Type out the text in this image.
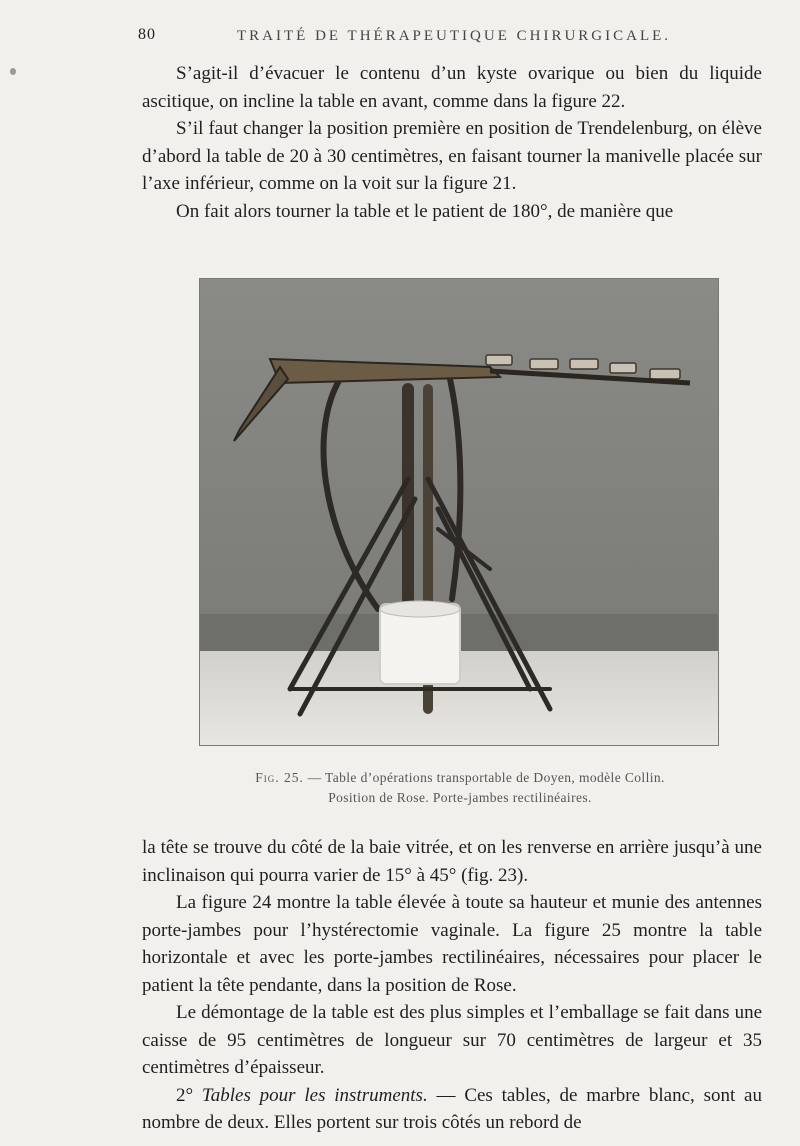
80	TRAITÉ DE THÉRAPEUTIQUE CHIRURGICALE.

S’agit-il d’évacuer le contenu d’un kyste ovarique ou bien du liquide ascitique, on incline la table en avant, comme dans la figure 22.

S’il faut changer la position première en position de Trendelenburg, on élève d’abord la table de 20 à 30 centimètres, en faisant tourner la manivelle placée sur l’axe inférieur, comme on la voit sur la figure 21.

On fait alors tourner la table et le patient de 180°, de manière que

Fig. 25. — Table d’opérations transportable de Doyen, modèle Collin.
Position de Rose. Porte-jambes rectilinéaires.

la tête se trouve du côté de la baie vitrée, et on les renverse en arrière jusqu’à une inclinaison qui pourra varier de 15° à 45° (fig. 23).

La figure 24 montre la table élevée à toute sa hauteur et munie des antennes porte-jambes pour l’hystérectomie vaginale. La figure 25 montre la table horizontale et avec les porte-jambes rectilinéaires, nécessaires pour placer le patient la tête pendante, dans la position de Rose.

Le démontage de la table est des plus simples et l’emballage se fait dans une caisse de 95 centimètres de longueur sur 70 centimètres de largeur et 35 centimètres d’épaisseur.

2° Tables pour les instruments. — Ces tables, de marbre blanc, sont au nombre de deux. Elles portent sur trois côtés un rebord de
